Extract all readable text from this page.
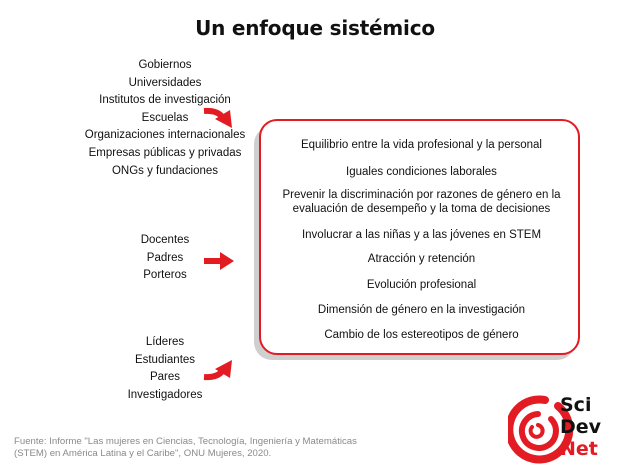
Un enfoque sistémico
Gobiernos
Universidades
Institutos de investigación
Escuelas
Organizaciones internacionales
Empresas públicas y privadas
ONGs y fundaciones
Docentes
Padres
Porteros
Líderes
Estudiantes
Pares
Investigadores
Equilibrio entre la vida profesional y la personal
Iguales condiciones laborales
Prevenir la discriminación por razones de género en la
evaluación de desempeño y la toma de decisiones
Involucrar a las niñas y a las jóvenes en STEM
Atracción y retención
Evolución profesional
Dimensión de género en la investigación
Cambio de los estereotipos de género
Fuente: Informe "Las mujeres en Ciencias, Tecnología, Ingeniería y Matemáticas
(STEM) en América Latina y el Caribe", ONU Mujeres, 2020.
Sci
Dev
Net
